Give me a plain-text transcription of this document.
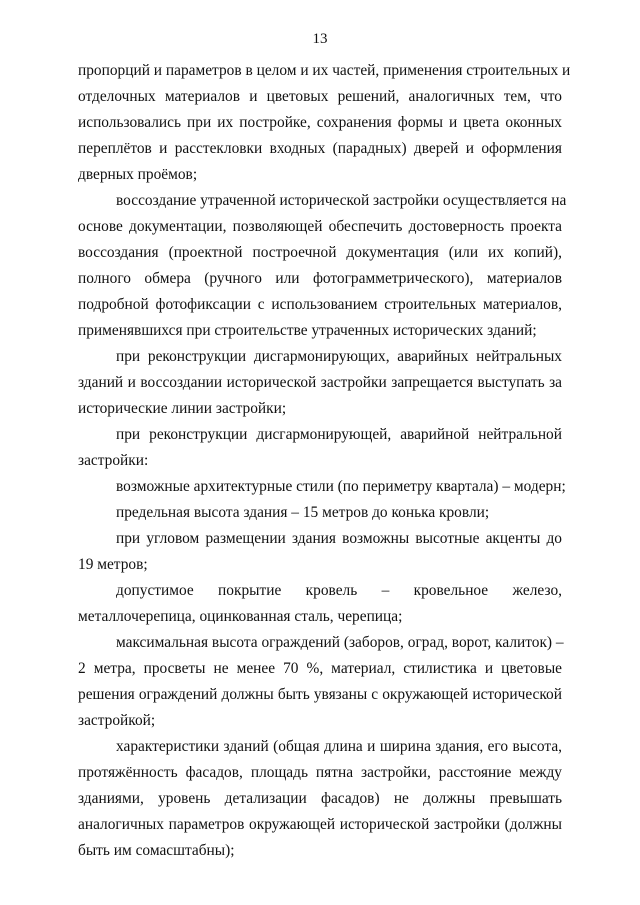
13
пропорций и параметров в целом и их частей, применения строительных и
отделочных материалов и цветовых решений, аналогичных тем, что
использовались при их постройке, сохранения формы и цвета оконных
переплётов и расстекловки входных (парадных) дверей и оформления
дверных проёмов;
воссоздание утраченной исторической застройки осуществляется на
основе документации, позволяющей обеспечить достоверность проекта
воссоздания (проектной построечной документация (или их копий),
полного обмера (ручного или фотограмметрического), материалов
подробной фотофиксации с использованием строительных материалов,
применявшихся при строительстве утраченных исторических зданий;
при реконструкции дисгармонирующих, аварийных нейтральных
зданий и воссоздании исторической застройки запрещается выступать за
исторические линии застройки;
при реконструкции дисгармонирующей, аварийной нейтральной
застройки:
возможные архитектурные стили (по периметру квартала) – модерн;
предельная высота здания – 15 метров до конька кровли;
при угловом размещении здания возможны высотные акценты до
19 метров;
допустимое покрытие кровель – кровельное железо,
металлочерепица, оцинкованная сталь, черепица;
максимальная высота ограждений (заборов, оград, ворот, калиток) –
2 метра, просветы не менее 70 %, материал, стилистика и цветовые
решения ограждений должны быть увязаны с окружающей исторической
застройкой;
характеристики зданий (общая длина и ширина здания, его высота,
протяжённость фасадов, площадь пятна застройки, расстояние между
зданиями, уровень детализации фасадов) не должны превышать
аналогичных параметров окружающей исторической застройки (должны
быть им сомасштабны);
